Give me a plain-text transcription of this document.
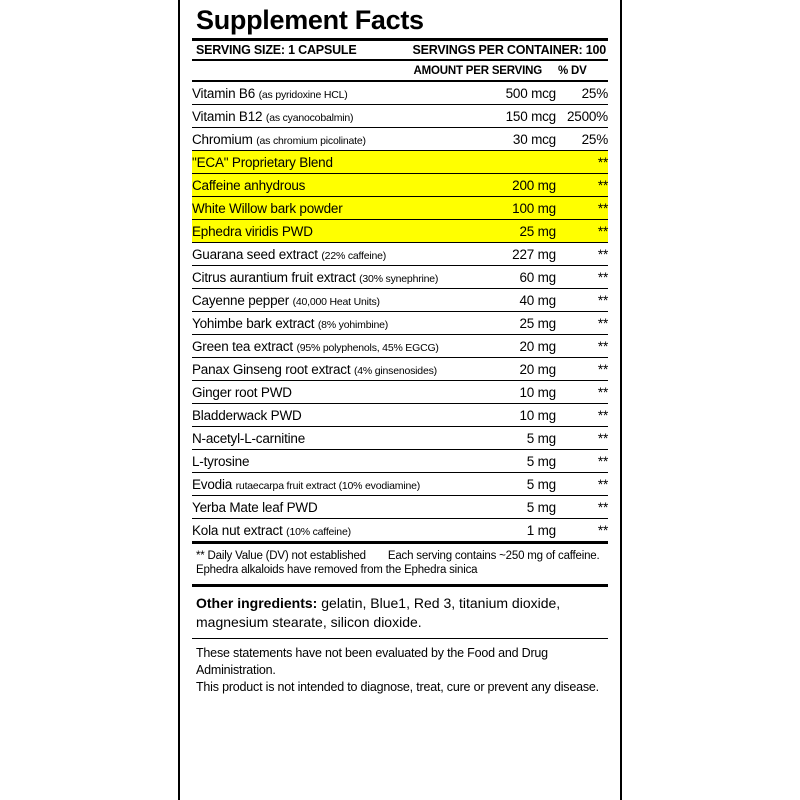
Supplement Facts
SERVING SIZE: 1 CAPSULE	SERVINGS PER CONTAINER: 100
AMOUNT PER SERVING % DV
Vitamin B6 (as pyridoxine HCL)	500 mcg	25%
Vitamin B12 (as cyanocobalmin)	150 mcg	2500%
Chromium (as chromium picolinate)	30 mcg	25%
"ECA" Proprietary Blend		**
Caffeine anhydrous	200 mg	**
White Willow bark powder	100 mg	**
Ephedra viridis PWD	25 mg	**
Guarana seed extract (22% caffeine)	227 mg	**
Citrus aurantium fruit extract (30% synephrine)	60 mg	**
Cayenne pepper (40,000 Heat Units)	40 mg	**
Yohimbe bark extract (8% yohimbine)	25 mg	**
Green tea extract (95% polyphenols, 45% EGCG)	20 mg	**
Panax Ginseng root extract (4% ginsenosides)	20 mg	**
Ginger root PWD	10 mg	**
Bladderwack PWD	10 mg	**
N-acetyl-L-carnitine	5 mg	**
L-tyrosine	5 mg	**
Evodia rutaecarpa fruit extract (10% evodiamine)	5 mg	**
Yerba Mate leaf PWD	5 mg	**
Kola nut extract (10% caffeine)	1 mg	**
** Daily Value (DV) not established Each serving contains ~250 mg of caffeine.
Ephedra alkaloids have removed from the Ephedra sinica
Other ingredients: gelatin, Blue1, Red 3, titanium dioxide, magnesium stearate, silicon dioxide.
These statements have not been evaluated by the Food and Drug Administration.
This product is not intended to diagnose, treat, cure or prevent any disease.
